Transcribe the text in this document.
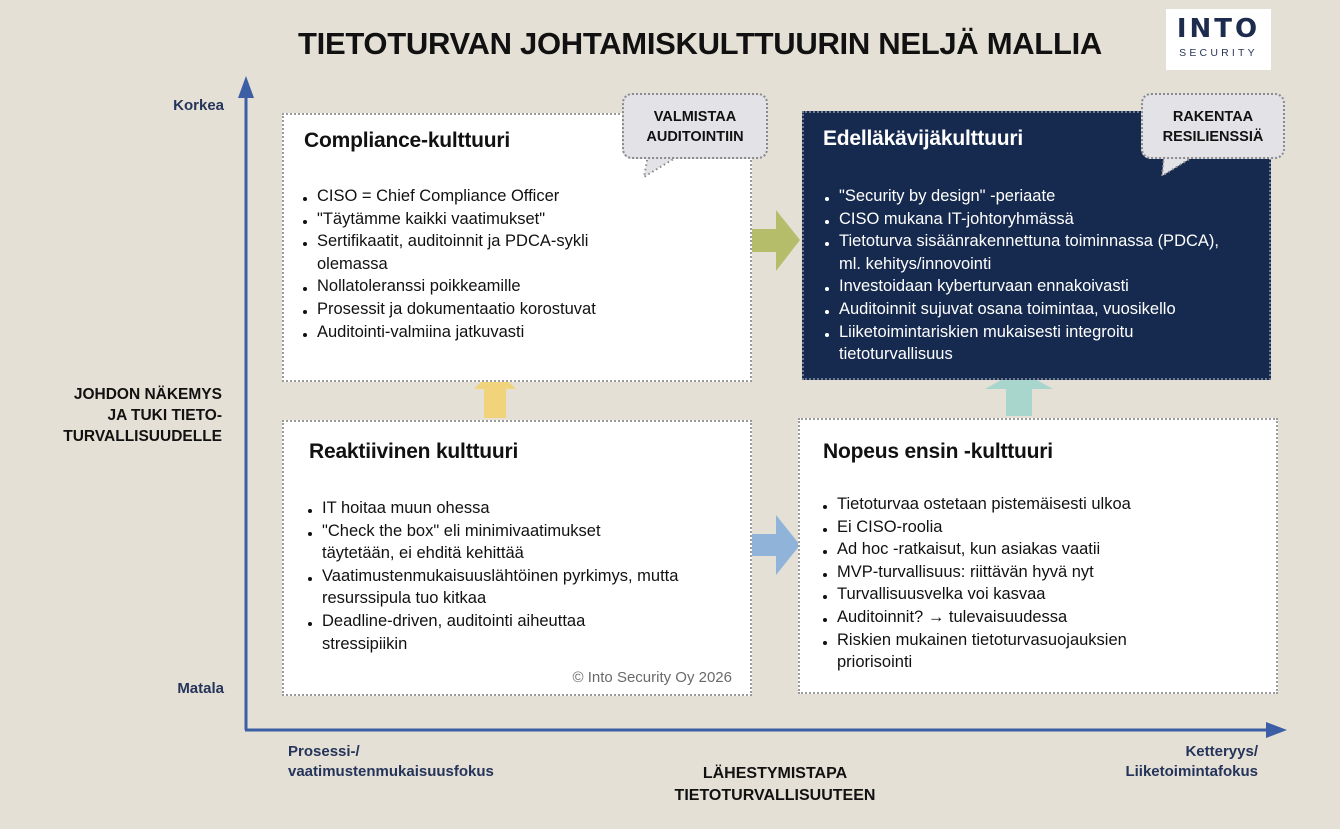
TIETOTURVAN JOHTAMISKULTTUURIN NELJÄ MALLIA	INTO
SECURITY
Korkea
Matala
JOHDON NÄKEMYS
JA TUKI TIETO-
TURVALLISUUDELLE
Prosessi-/
vaatimustenmukaisuusfokus
Ketteryys/
Liiketoimintafokus
LÄHESTYMISTAPA
TIETOTURVALLISUUTEEN
Compliance-kulttuuri
CISO = Chief Compliance Officer
"Täytämme kaikki vaatimukset"
Sertifikaatit, auditoinnit ja PDCA-sykli olemassa
Nollatoleranssi poikkeamille
Prosessit ja dokumentaatio korostuvat
Auditointi-valmiina jatkuvasti
Edelläkävijäkulttuuri
"Security by design" -periaate
CISO mukana IT-johtoryhmässä
Tietoturva sisäänrakennettuna toiminnassa (PDCA), ml. kehitys/innovointi
Investoidaan kyberturvaan ennakoivasti
Auditoinnit sujuvat osana toimintaa, vuosikello
Liiketoimintariskien mukaisesti integroitu tietoturvallisuus
Reaktiivinen kulttuuri
IT hoitaa muun ohessa
"Check the box" eli minimivaatimukset täytetään, ei ehditä kehittää
Vaatimustenmukaisuuslähtöinen pyrkimys, mutta resurssipula tuo kitkaa
Deadline-driven, auditointi aiheuttaa stressipiikin
© Into Security Oy 2026
Nopeus ensin -kulttuuri
Tietoturvaa ostetaan pistemäisesti ulkoa
Ei CISO-roolia
Ad hoc -ratkaisut, kun asiakas vaatii
MVP-turvallisuus: riittävän hyvä nyt
Turvallisuusvelka voi kasvaa
Auditoinnit? → tulevaisuudessa
Riskien mukainen tietoturvasuojauksien priorisointi
VALMISTAA
AUDITOINTIIN
RAKENTAA
RESILIENSSIÄ
